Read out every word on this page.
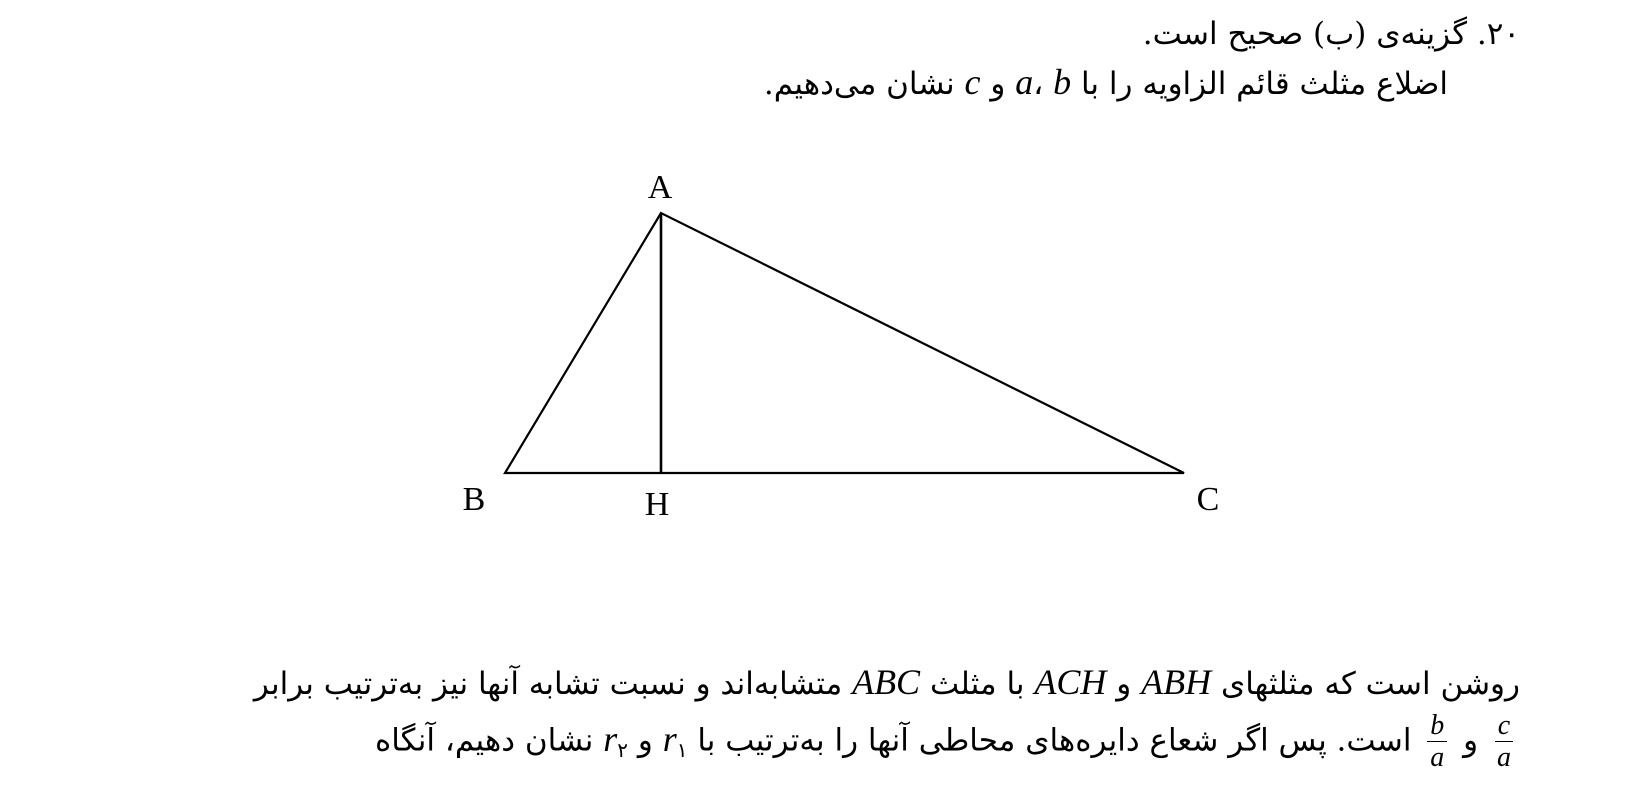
۲۰. گزینه‌ی (ب) صحیح است.
اضلاع مثلث قائم الزاویه را با a، b و c نشان می‌دهیم.
A
B	H	C
روشن است که مثلثهای ABH و ACH با مثلث ABC متشابه‌اند و نسبت تشابه آنها نیز به‌ترتیب برابر
$\frac{c}{a}$
و
$\frac{b}{a}$
است. پس اگر شعاع دایره‌های محاطی آنها را به‌ترتیب با $r_۱$ و $r_۲$ نشان دهیم، آنگاه
